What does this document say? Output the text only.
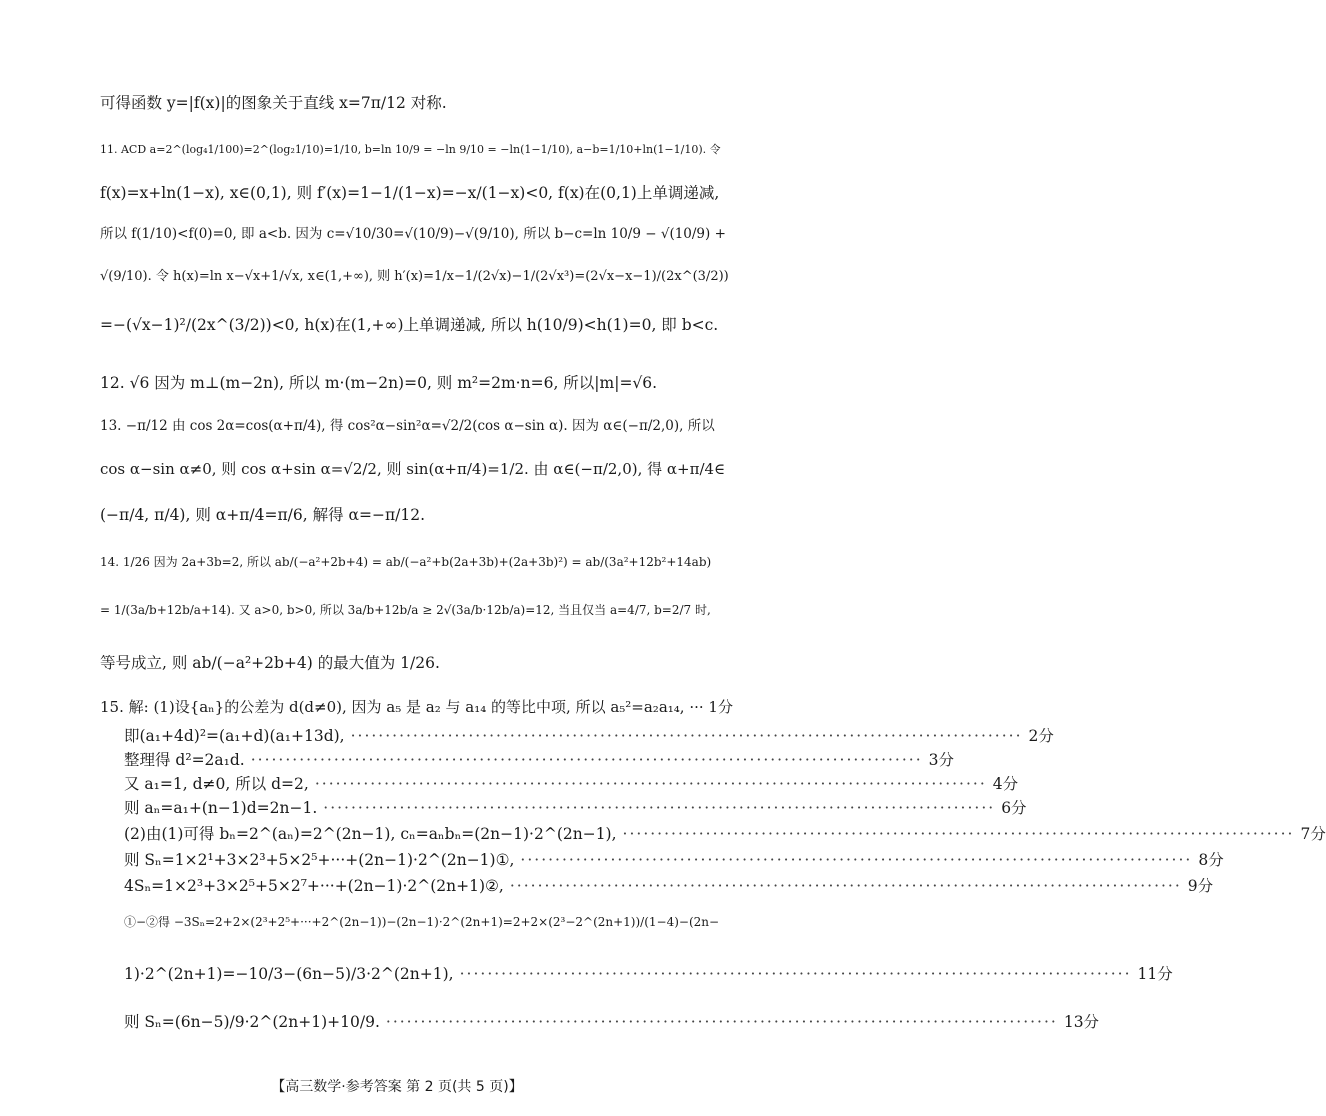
可得函数 y=|f(x)|的图象关于直线 x=7π/12 对称.
11. ACD a=2^(log₄1/100)=2^(log₂1/10)=1/10, b=ln 10/9 = −ln 9/10 = −ln(1−1/10), a−b=1/10+ln(1−1/10). 令
f(x)=x+ln(1−x), x∈(0,1), 则 f′(x)=1−1/(1−x)=−x/(1−x)<0, f(x)在(0,1)上单调递减,
所以 f(1/10)<f(0)=0, 即 a<b. 因为 c=√10/30=√(10/9)−√(9/10), 所以 b−c=ln 10/9 − √(10/9) +
√(9/10). 令 h(x)=ln x−√x+1/√x, x∈(1,+∞), 则 h′(x)=1/x−1/(2√x)−1/(2√x³)=(2√x−x−1)/(2x^(3/2))
=−(√x−1)²/(2x^(3/2))<0, h(x)在(1,+∞)上单调递减, 所以 h(10/9)<h(1)=0, 即 b<c.
12. √6 因为 m⊥(m−2n), 所以 m·(m−2n)=0, 则 m²=2m·n=6, 所以|m|=√6.
13. −π/12 由 cos 2α=cos(α+π/4), 得 cos²α−sin²α=√2/2(cos α−sin α). 因为 α∈(−π/2,0), 所以
cos α−sin α≠0, 则 cos α+sin α=√2/2, 则 sin(α+π/4)=1/2. 由 α∈(−π/2,0), 得 α+π/4∈
(−π/4, π/4), 则 α+π/4=π/6, 解得 α=−π/12.
14. 1/26 因为 2a+3b=2, 所以 ab/(−a²+2b+4) = ab/(−a²+b(2a+3b)+(2a+3b)²) = ab/(3a²+12b²+14ab)
= 1/(3a/b+12b/a+14). 又 a>0, b>0, 所以 3a/b+12b/a ≥ 2√(3a/b·12b/a)=12, 当且仅当 a=4/7, b=2/7 时,
等号成立, 则 ab/(−a²+2b+4) 的最大值为 1/26.
15. 解: (1)设{aₙ}的公差为 d(d≠0), 因为 a₅ 是 a₂ 与 a₁₄ 的等比中项, 所以 a₅²=a₂a₁₄, ··· 1分
即(a₁+4d)²=(a₁+d)(a₁+13d), ································································································· 2分
整理得 d²=2a₁d. ································································································· 3分
又 a₁=1, d≠0, 所以 d=2, ································································································· 4分
则 aₙ=a₁+(n−1)d=2n−1. ································································································· 6分
(2)由(1)可得 bₙ=2^(aₙ)=2^(2n−1), cₙ=aₙbₙ=(2n−1)·2^(2n−1), ································································································· 7分
则 Sₙ=1×2¹+3×2³+5×2⁵+···+(2n−1)·2^(2n−1)①, ································································································· 8分
4Sₙ=1×2³+3×2⁵+5×2⁷+···+(2n−1)·2^(2n+1)②, ································································································· 9分
①−②得 −3Sₙ=2+2×(2³+2⁵+···+2^(2n−1))−(2n−1)·2^(2n+1)=2+2×(2³−2^(2n+1))/(1−4)−(2n−
1)·2^(2n+1)=−10/3−(6n−5)/3·2^(2n+1), ································································································· 11分
则 Sₙ=(6n−5)/9·2^(2n+1)+10/9. ································································································· 13分
【高三数学·参考答案 第 2 页(共 5 页)】
